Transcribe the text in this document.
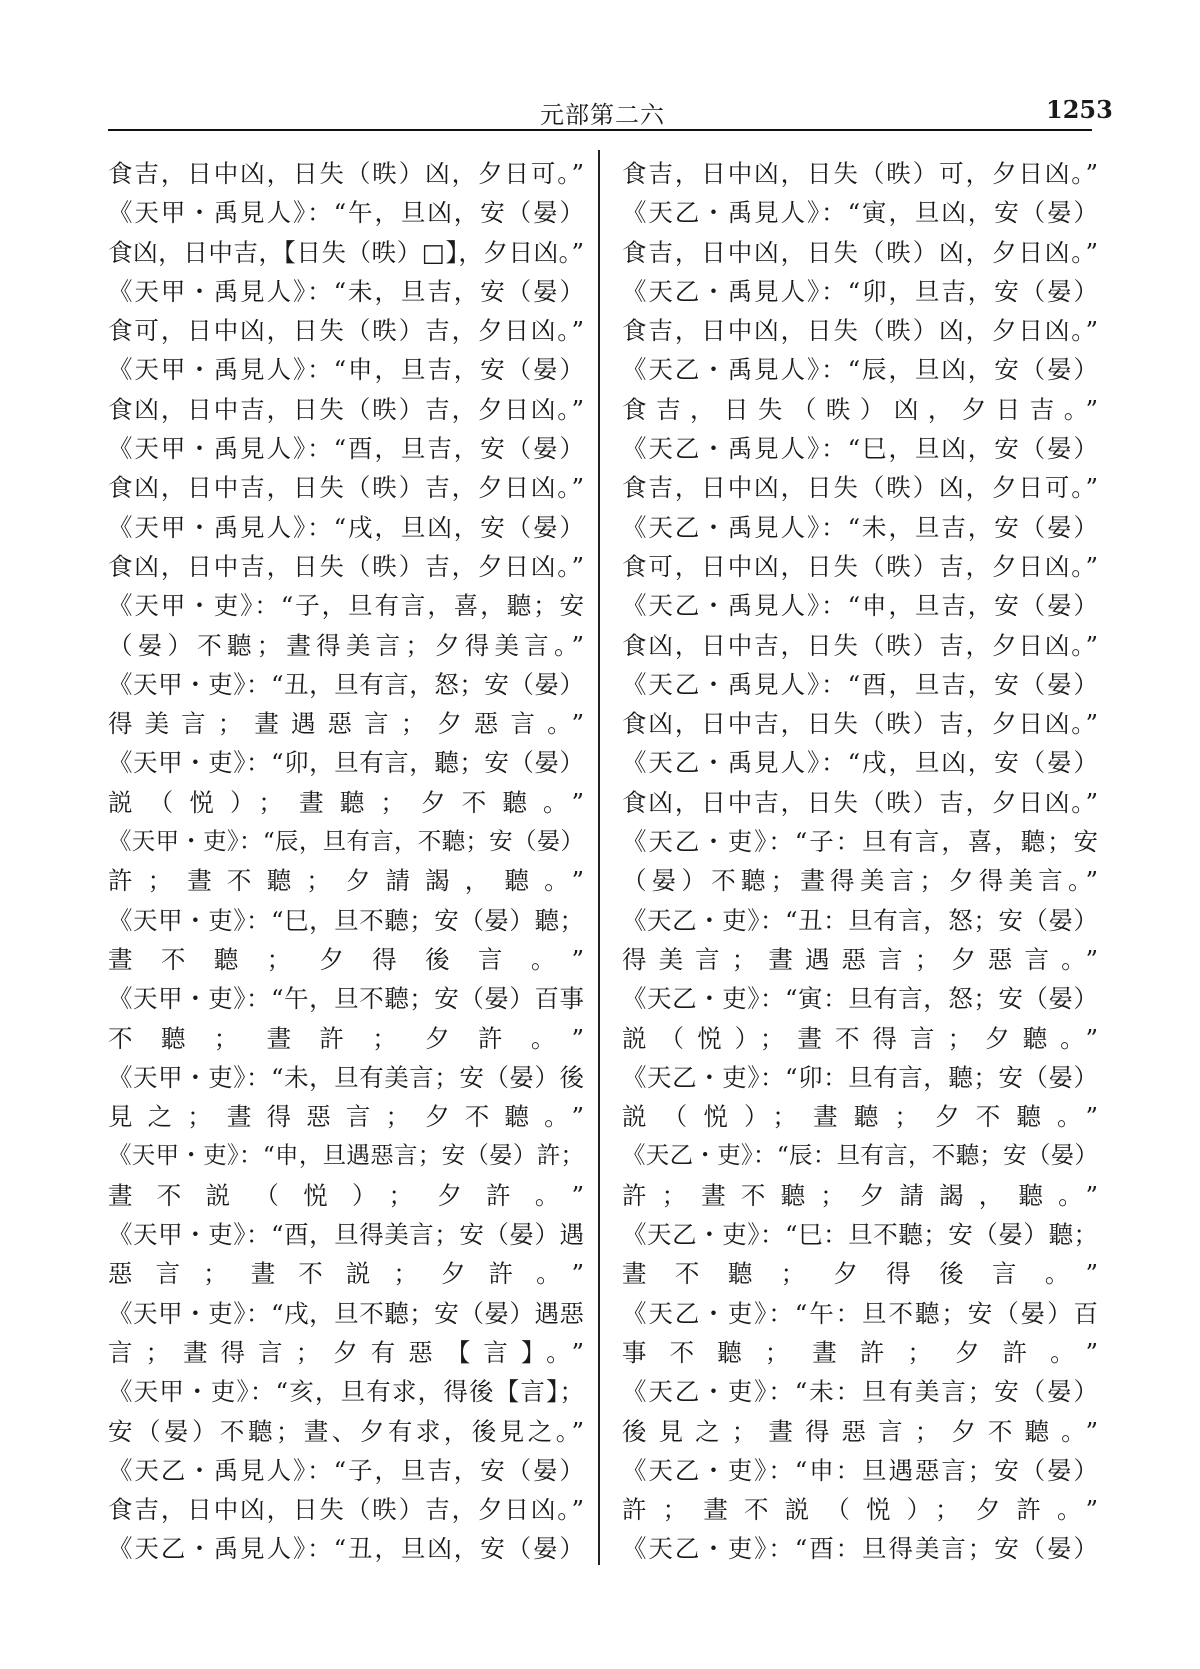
元部第二六	1253
食吉，日中凶，日失（昳）凶，夕日可。”
《天甲・禹見人》：“午，旦凶，安（晏）
食凶，日中吉，【日失（昳）□】，夕日凶。”
《天甲・禹見人》：“未，旦吉，安（晏）
食可，日中凶，日失（昳）吉，夕日凶。”
《天甲・禹見人》：“申，旦吉，安（晏）
食凶，日中吉，日失（昳）吉，夕日凶。”
《天甲・禹見人》：“酉，旦吉，安（晏）
食凶，日中吉，日失（昳）吉，夕日凶。”
《天甲・禹見人》：“戌，旦凶，安（晏）
食凶，日中吉，日失（昳）吉，夕日凶。”
《天甲・吏》：“子，旦有言，喜，聽；安
（晏）不聽；晝得美言；夕得美言。”
《天甲・吏》：“丑，旦有言，怒；安（晏）
得美言；晝遇惡言；夕惡言。”
《天甲・吏》：“卯，旦有言，聽；安（晏）
説（悦）；晝聽；夕不聽。”
《天甲・吏》：“辰，旦有言，不聽；安（晏）
許；晝不聽；夕請謁，聽。”
《天甲・吏》：“巳，旦不聽；安（晏）聽；
晝不聽；夕得後言。”
《天甲・吏》：“午，旦不聽；安（晏）百事
不聽；晝許；夕許。”
《天甲・吏》：“未，旦有美言；安（晏）後
見之；晝得惡言；夕不聽。”
《天甲・吏》：“申，旦遇惡言；安（晏）許；
晝不説（悦）；夕許。”
《天甲・吏》：“酉，旦得美言；安（晏）遇
惡言；晝不説；夕許。”
《天甲・吏》：“戌，旦不聽；安（晏）遇惡
言；晝得言；夕有惡【言】。”
《天甲・吏》：“亥，旦有求，得後【言】；
安（晏）不聽；晝、夕有求，後見之。”
《天乙・禹見人》：“子，旦吉，安（晏）
食吉，日中凶，日失（昳）吉，夕日凶。”
《天乙・禹見人》：“丑，旦凶，安（晏）
食吉，日中凶，日失（昳）可，夕日凶。”
《天乙・禹見人》：“寅，旦凶，安（晏）
食吉，日中凶，日失（昳）凶，夕日凶。”
《天乙・禹見人》：“卯，旦吉，安（晏）
食吉，日中凶，日失（昳）凶，夕日凶。”
《天乙・禹見人》：“辰，旦凶，安（晏）
食吉，日失（昳）凶，夕日吉。”
《天乙・禹見人》：“巳，旦凶，安（晏）
食吉，日中凶，日失（昳）凶，夕日可。”
《天乙・禹見人》：“未，旦吉，安（晏）
食可，日中凶，日失（昳）吉，夕日凶。”
《天乙・禹見人》：“申，旦吉，安（晏）
食凶，日中吉，日失（昳）吉，夕日凶。”
《天乙・禹見人》：“酉，旦吉，安（晏）
食凶，日中吉，日失（昳）吉，夕日凶。”
《天乙・禹見人》：“戌，旦凶，安（晏）
食凶，日中吉，日失（昳）吉，夕日凶。”
《天乙・吏》：“子：旦有言，喜，聽；安
（晏）不聽；晝得美言；夕得美言。”
《天乙・吏》：“丑：旦有言，怒；安（晏）
得美言；晝遇惡言；夕惡言。”
《天乙・吏》：“寅：旦有言，怒；安（晏）
説（悦）；晝不得言；夕聽。”
《天乙・吏》：“卯：旦有言，聽；安（晏）
説（悦）；晝聽；夕不聽。”
《天乙・吏》：“辰：旦有言，不聽；安（晏）
許；晝不聽；夕請謁，聽。”
《天乙・吏》：“巳：旦不聽；安（晏）聽；
晝不聽；夕得後言。”
《天乙・吏》：“午：旦不聽；安（晏）百
事不聽；晝許；夕許。”
《天乙・吏》：“未：旦有美言；安（晏）
後見之；晝得惡言；夕不聽。”
《天乙・吏》：“申：旦遇惡言；安（晏）
許；晝不説（悦）；夕許。”
《天乙・吏》：“酉：旦得美言；安（晏）
